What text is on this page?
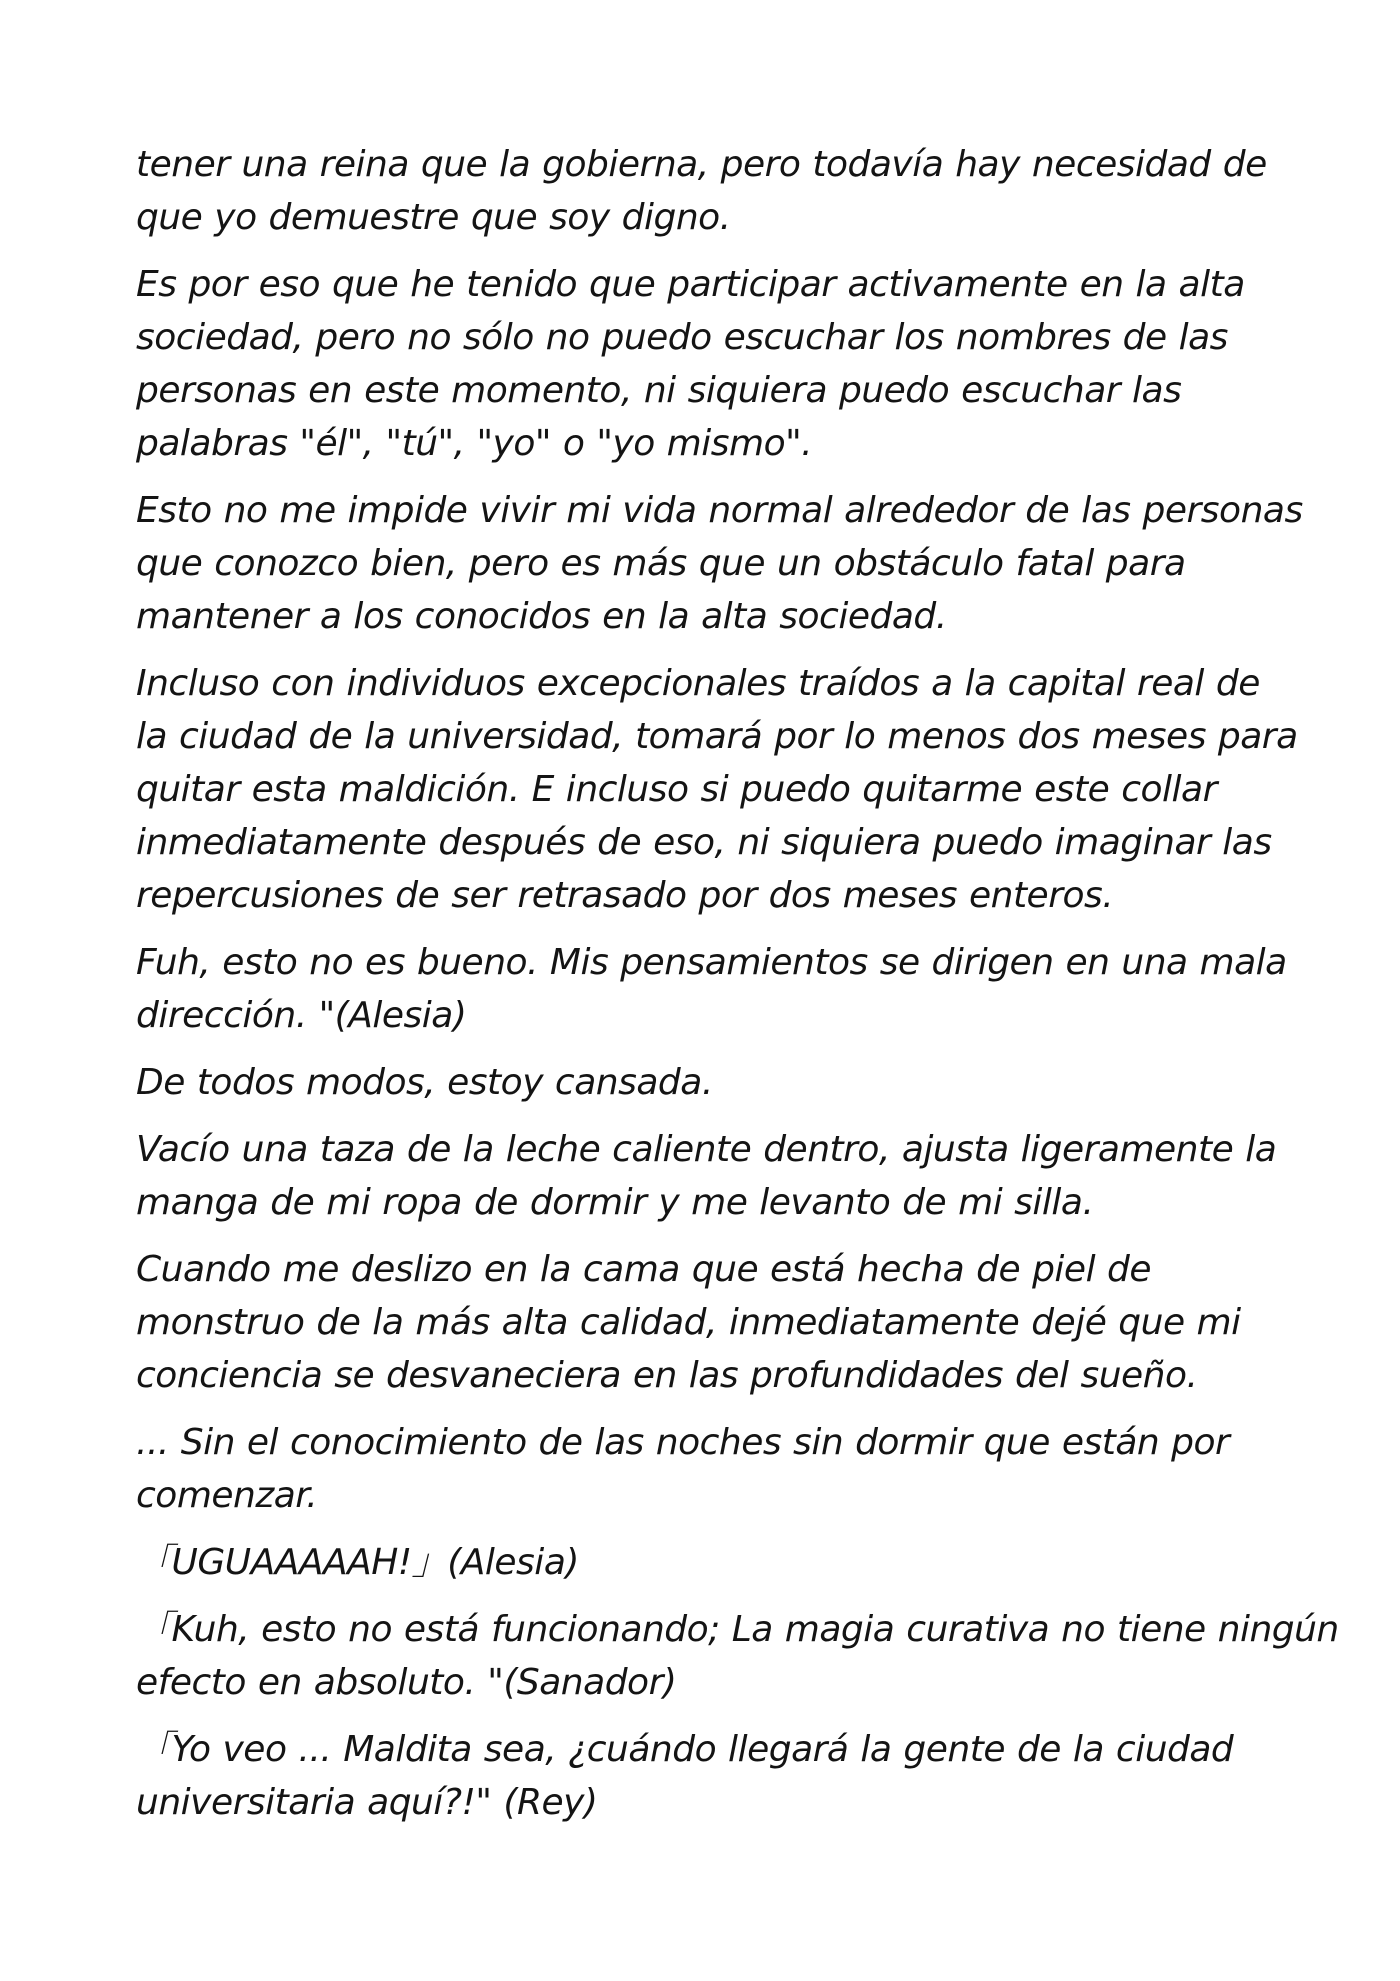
tener una reina que la gobierna, pero todavía hay necesidad de
que yo demuestre que soy digno.

Es por eso que he tenido que participar activamente en la alta
sociedad, pero no sólo no puedo escuchar los nombres de las
personas en este momento, ni siquiera puedo escuchar las
palabras "él", "tú", "yo" o "yo mismo".

Esto no me impide vivir mi vida normal alrededor de las personas
que conozco bien, pero es más que un obstáculo fatal para
mantener a los conocidos en la alta sociedad.

Incluso con individuos excepcionales traídos a la capital real de
la ciudad de la universidad, tomará por lo menos dos meses para
quitar esta maldición. E incluso si puedo quitarme este collar
inmediatamente después de eso, ni siquiera puedo imaginar las
repercusiones de ser retrasado por dos meses enteros.

Fuh, esto no es bueno. Mis pensamientos se dirigen en una mala
dirección. "(Alesia)

De todos modos, estoy cansada.

Vacío una taza de la leche caliente dentro, ajusta ligeramente la
manga de mi ropa de dormir y me levanto de mi silla.

Cuando me deslizo en la cama que está hecha de piel de
monstruo de la más alta calidad, inmediatamente dejé que mi
conciencia se desvaneciera en las profundidades del sueño.

... Sin el conocimiento de las noches sin dormir que están por
comenzar.

「UGUAAAAAH!」(Alesia)

「Kuh, esto no está funcionando; La magia curativa no tiene ningún
efecto en absoluto. "(Sanador)

「Yo veo ... Maldita sea, ¿cuándo llegará la gente de la ciudad
universitaria aquí?!" (Rey)
